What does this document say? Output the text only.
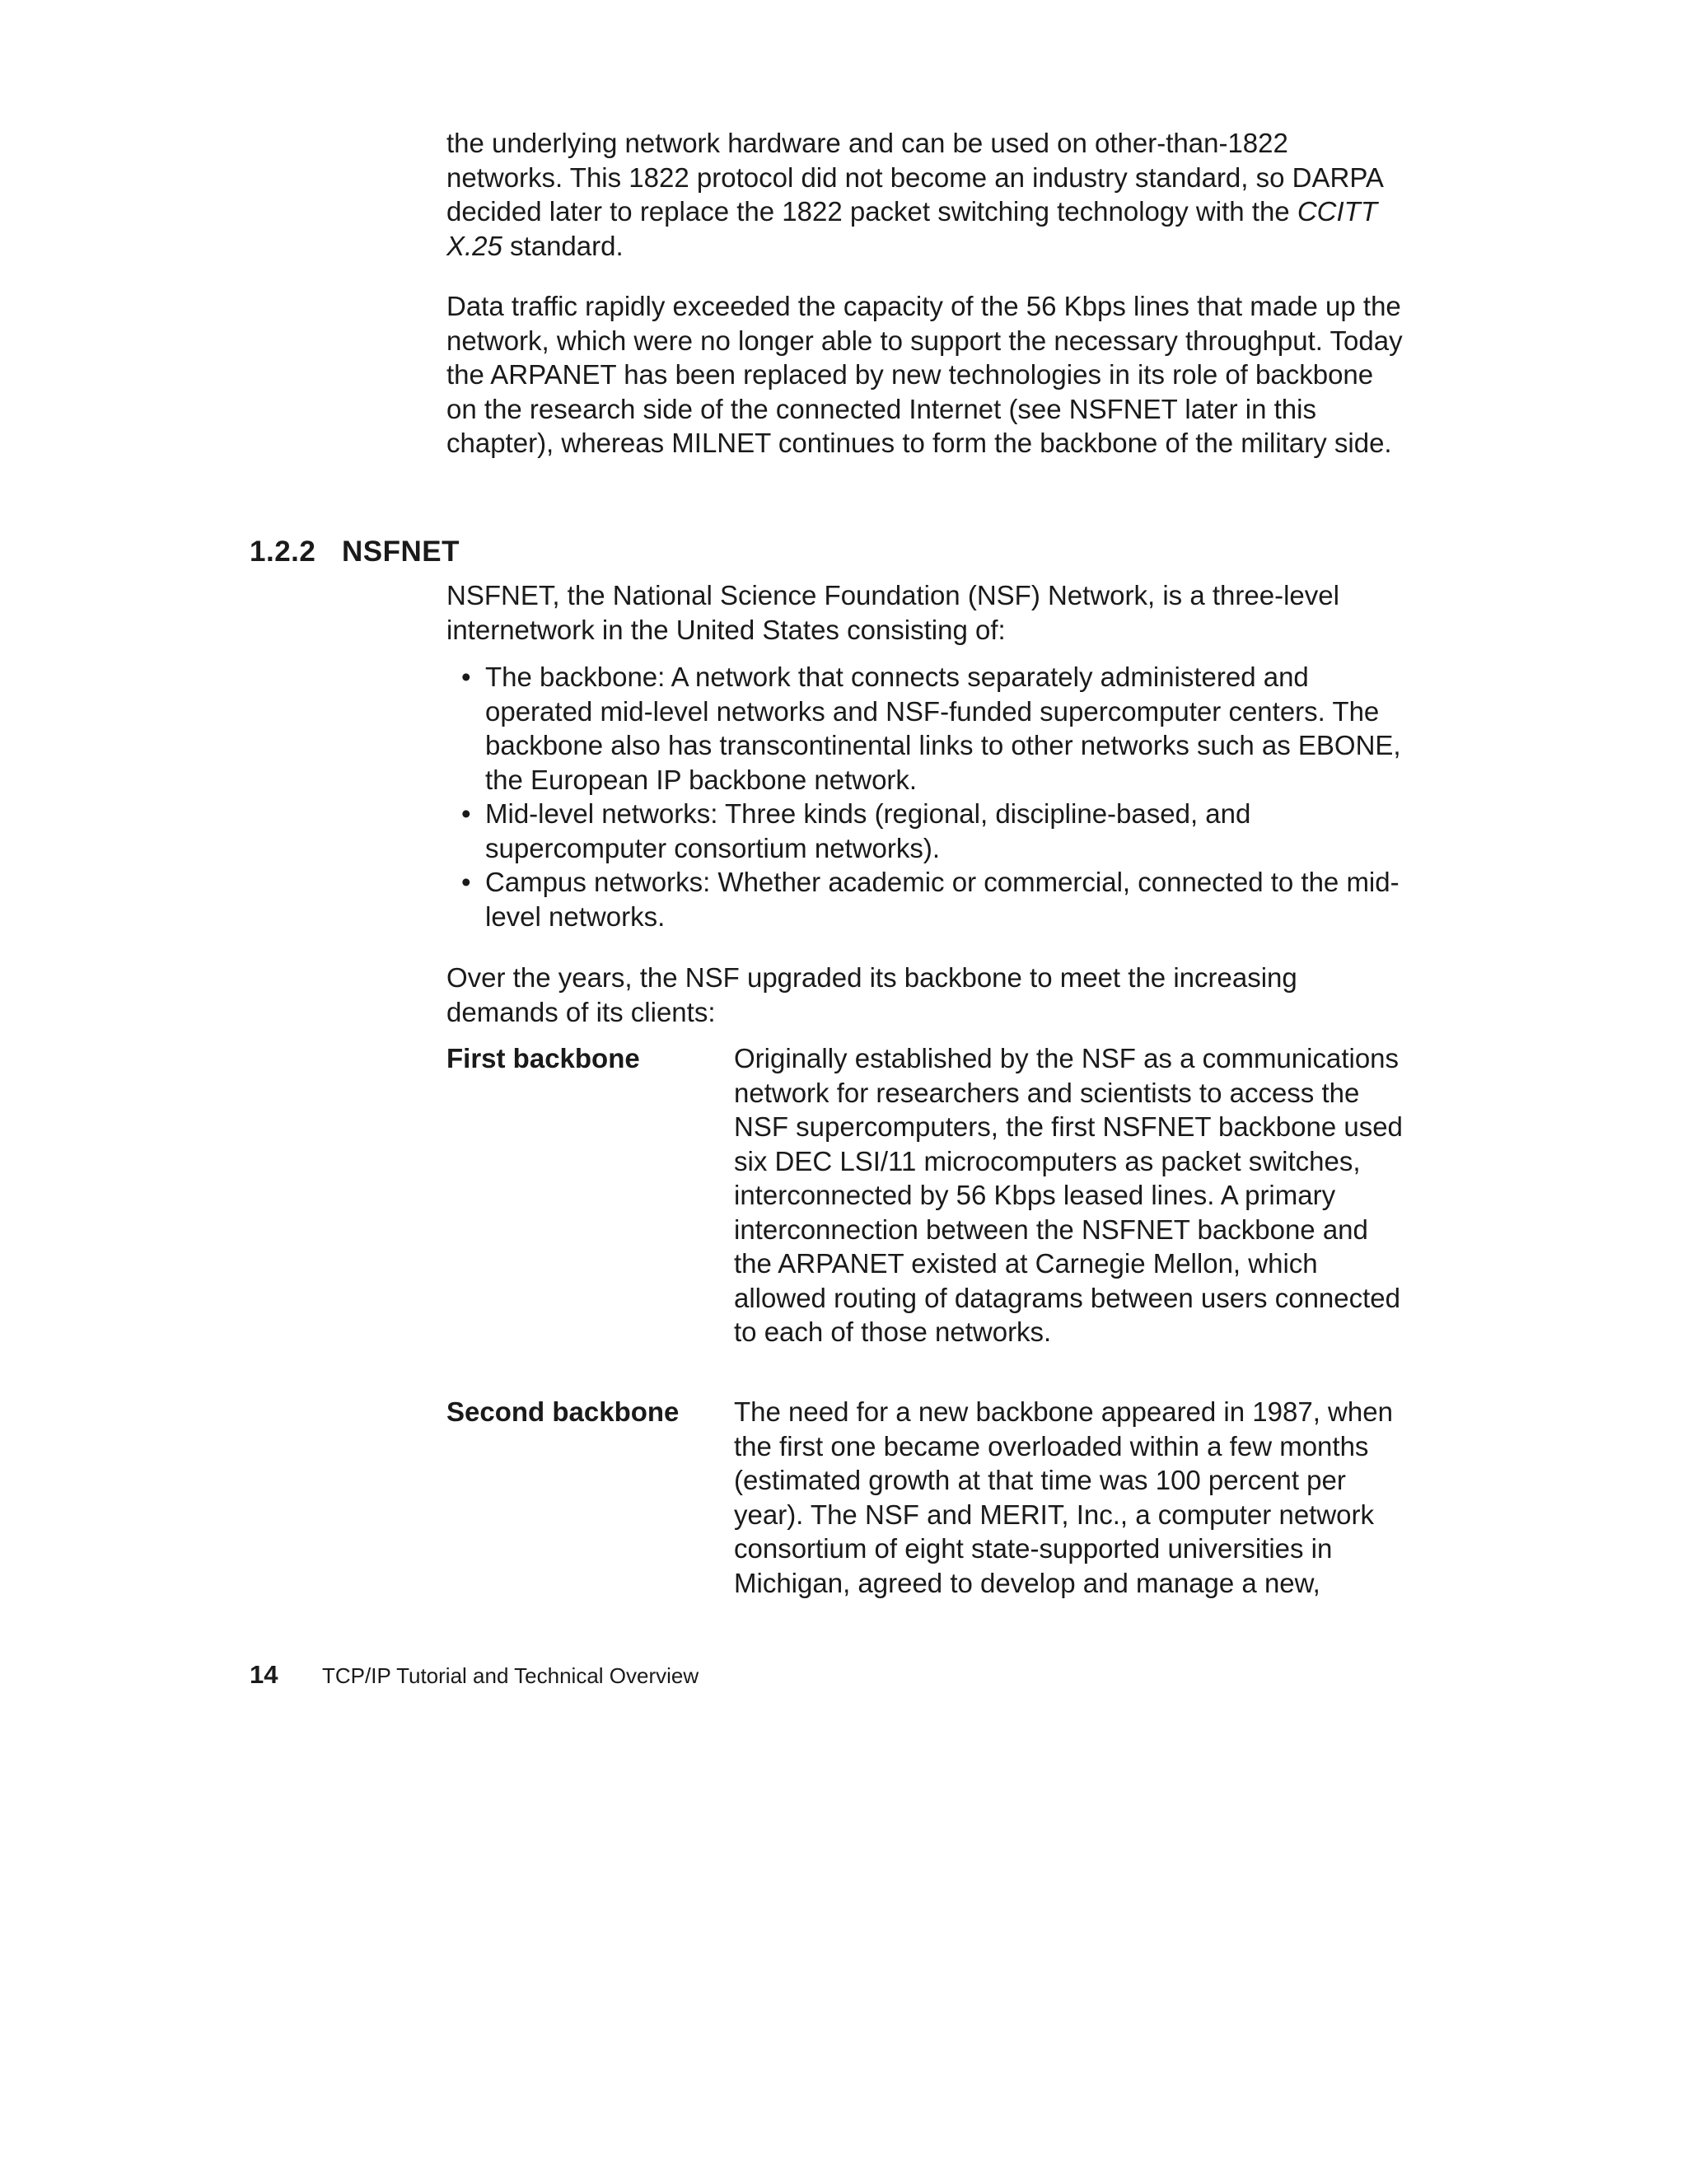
the underlying network hardware and can be used on other-than-1822 networks. This 1822 protocol did not become an industry standard, so DARPA decided later to replace the 1822 packet switching technology with the CCITT X.25 standard.

Data traffic rapidly exceeded the capacity of the 56 Kbps lines that made up the network, which were no longer able to support the necessary throughput. Today the ARPANET has been replaced by new technologies in its role of backbone on the research side of the connected Internet (see NSFNET later in this chapter), whereas MILNET continues to form the backbone of the military side.

1.2.2 NSFNET

NSFNET, the National Science Foundation (NSF) Network, is a three-level internetwork in the United States consisting of:

• The backbone: A network that connects separately administered and operated mid-level networks and NSF-funded supercomputer centers. The backbone also has transcontinental links to other networks such as EBONE, the European IP backbone network.
• Mid-level networks: Three kinds (regional, discipline-based, and supercomputer consortium networks).
• Campus networks: Whether academic or commercial, connected to the mid-level networks.

Over the years, the NSF upgraded its backbone to meet the increasing demands of its clients:

First backbone	Originally established by the NSF as a communications network for researchers and scientists to access the NSF supercomputers, the first NSFNET backbone used six DEC LSI/11 microcomputers as packet switches, interconnected by 56 Kbps leased lines. A primary interconnection between the NSFNET backbone and the ARPANET existed at Carnegie Mellon, which allowed routing of datagrams between users connected to each of those networks.
Second backbone	The need for a new backbone appeared in 1987, when the first one became overloaded within a few months (estimated growth at that time was 100 percent per year). The NSF and MERIT, Inc., a computer network consortium of eight state-supported universities in Michigan, agreed to develop and manage a new,
14 TCP/IP Tutorial and Technical Overview
